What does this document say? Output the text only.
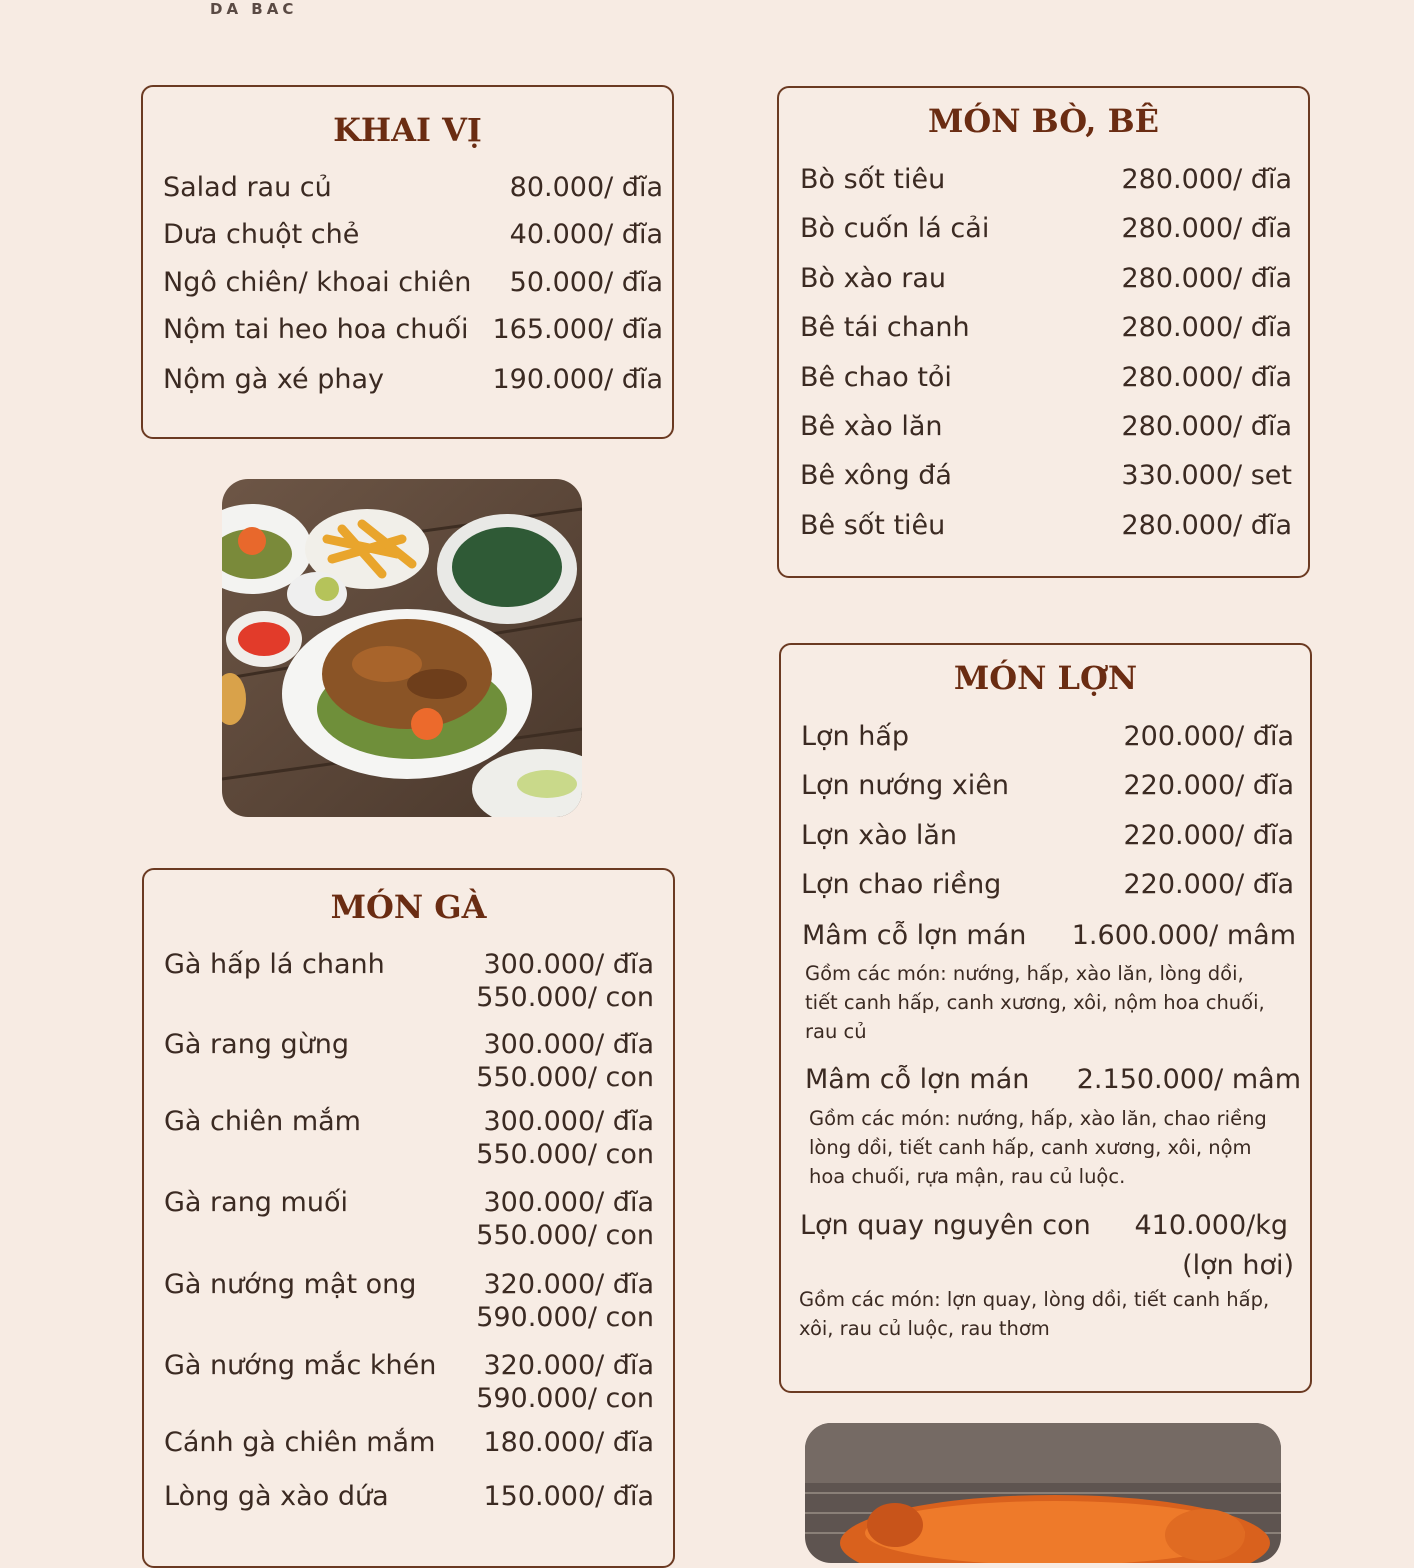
DA BAC
KHAI VỊ
Salad rau củ	80.000/ đĩa
Dưa chuột chẻ	40.000/ đĩa
Ngô chiên/ khoai chiên 50.000/ đĩa
Nộm tai heo hoa chuối 165.000/ đĩa
Nộm gà xé phay	190.000/ đĩa
MÓN GÀ
Gà hấp lá chanh	300.000/ đĩa
550.000/ con
Gà rang gừng	300.000/ đĩa
550.000/ con
Gà chiên mắm	300.000/ đĩa
550.000/ con
Gà rang muối	300.000/ đĩa
550.000/ con
Gà nướng mật ong 320.000/ đĩa
590.000/ con
Gà nướng mắc khén 320.000/ đĩa
590.000/ con
Cánh gà chiên mắm 180.000/ đĩa
Lòng gà xào dứa	150.000/ đĩa
MÓN BÒ, BÊ
Bò sốt tiêu	280.000/ đĩa
Bò cuốn lá cải	280.000/ đĩa
Bò xào rau	280.000/ đĩa
Bê tái chanh	280.000/ đĩa
Bê chao tỏi	280.000/ đĩa
Bê xào lăn	280.000/ đĩa
Bê xông đá	330.000/ set
Bê sốt tiêu	280.000/ đĩa
MÓN LỢN
Lợn hấp	200.000/ đĩa
Lợn nướng xiên	220.000/ đĩa
Lợn xào lăn	220.000/ đĩa
Lợn chao riềng	220.000/ đĩa
Mâm cỗ lợn mán 1.600.000/ mâm
Gồm các món: nướng, hấp, xào lăn, lòng dồi,
tiết canh hấp, canh xương, xôi, nộm hoa chuối,
rau củ
Mâm cỗ lợn mán 2.150.000/ mâm
Gồm các món: nướng, hấp, xào lăn, chao riềng
lòng dồi, tiết canh hấp, canh xương, xôi, nộm
hoa chuối, rựa mận, rau củ luộc.
Lợn quay nguyên con 410.000/kg
(lợn hơi)
Gồm các món: lợn quay, lòng dồi, tiết canh hấp,
xôi, rau củ luộc, rau thơm
